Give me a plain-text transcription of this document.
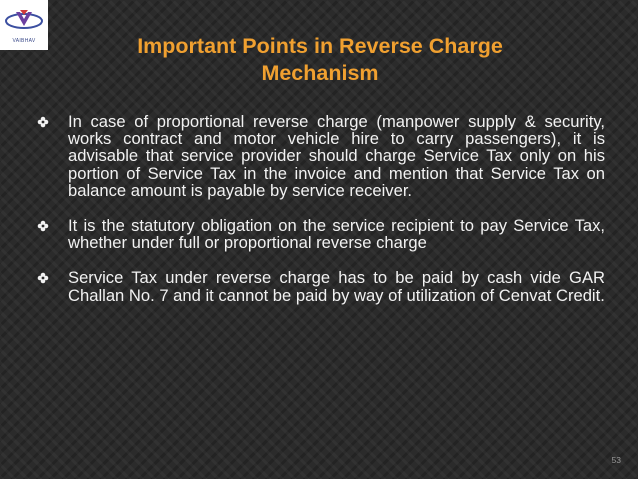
VAIBHAV	Important Points in Reverse Charge Mechanism
In case of proportional reverse charge (manpower supply & security, works contract and motor vehicle hire to carry passengers), it is advisable that service provider should charge Service Tax only on his portion of Service Tax in the invoice and mention that Service Tax on balance amount is payable by service receiver.
It is the statutory obligation on the service recipient to pay Service Tax, whether under full or proportional reverse charge
Service Tax under reverse charge has to be paid by cash vide GAR Challan No. 7 and it cannot be paid by way of utilization of Cenvat Credit.
53
